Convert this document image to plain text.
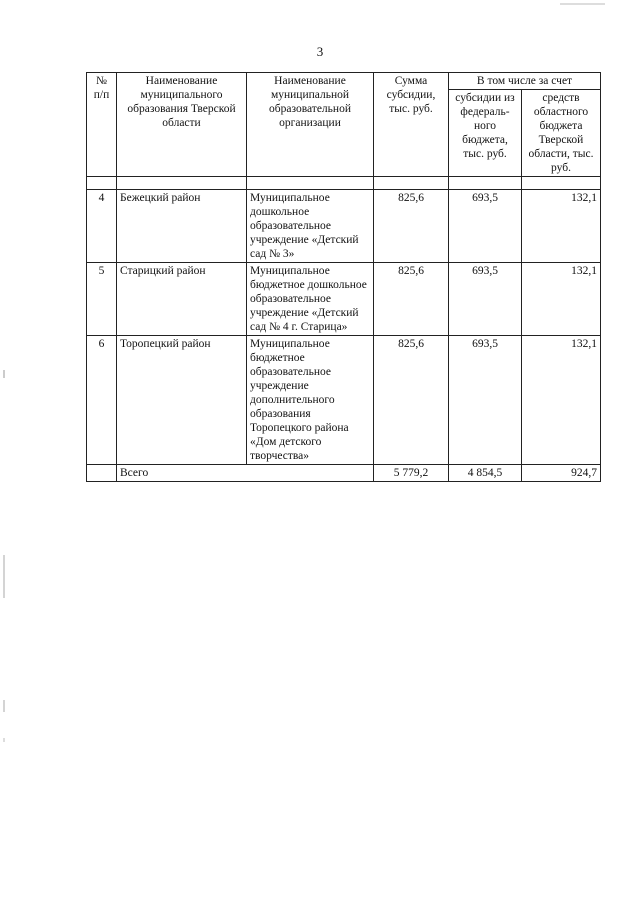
3
№ п/п	Наименование муниципального образования Тверской области	Наименование муниципальной образовательной организации	Сумма субсидии, тыс. руб.	В том числе за счет	
				субсидии из федераль-ного бюджета, тыс. руб.	средств областного бюджета Тверской области, тыс. руб.

4	Бежецкий район	Муниципальное дошкольное образовательное учреждение «Детский сад № 3»	825,6	693,5	132,1
5	Старицкий район	Муниципальное бюджетное дошкольное образовательное учреждение «Детский сад № 4 г. Старица»	825,6	693,5	132,1
6	Торопецкий район	Муниципальное бюджетное образовательное учреждение дополнительного образования Торопецкого района «Дом детского творчества»	825,6	693,5	132,1
	Всего		5 779,2	4 854,5	924,7
